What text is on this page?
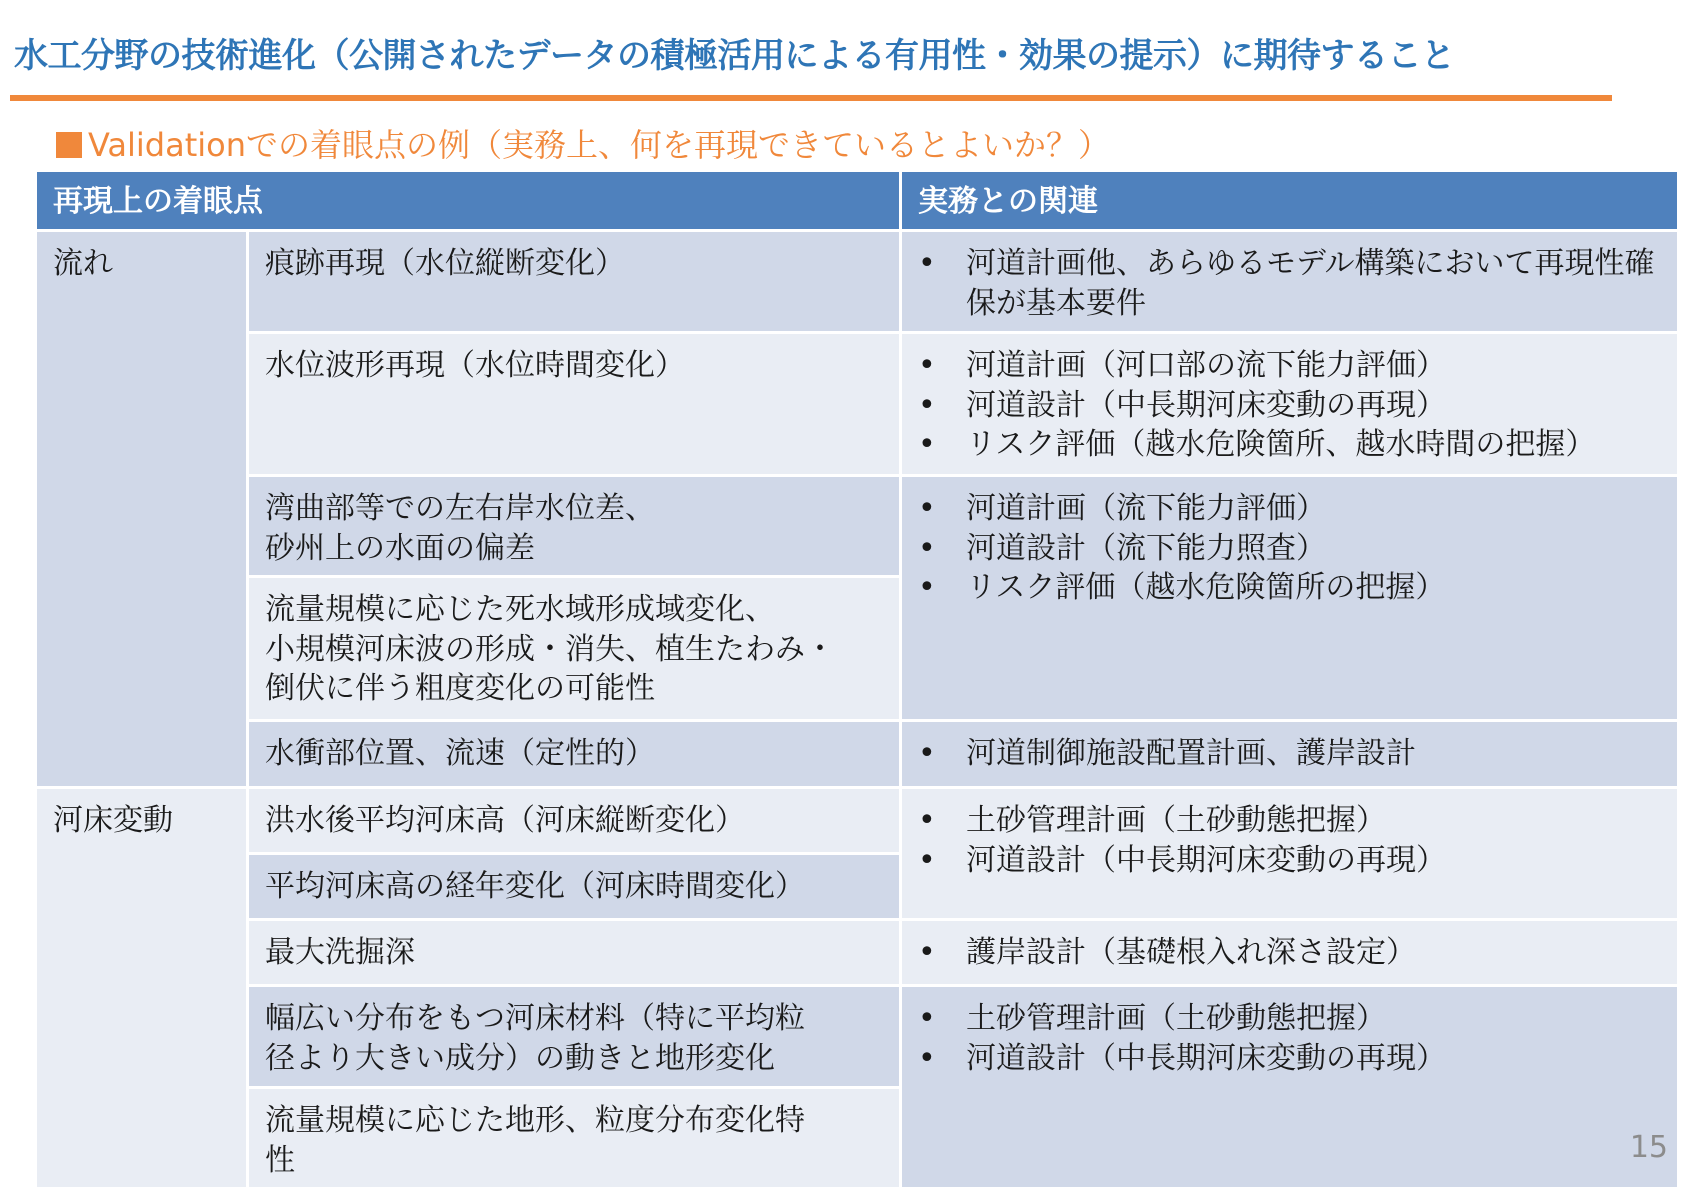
水工分野の技術進化（公開されたデータの積極活用による有用性・効果の提示）に期待すること
Validationでの着眼点の例（実務上、何を再現できているとよいか？）
再現上の着眼点	実務との関連
流れ
河床変動
痕跡再現（水位縦断変化）
水位波形再現（水位時間変化）
湾曲部等での左右岸水位差、
砂州上の水面の偏差
流量規模に応じた死水域形成域変化、
小規模河床波の形成・消失、植生たわみ・
倒伏に伴う粗度変化の可能性
水衝部位置、流速（定性的）
洪水後平均河床高（河床縦断変化）
平均河床高の経年変化（河床時間変化）
最大洗掘深
幅広い分布をもつ河床材料（特に平均粒
径より大きい成分）の動きと地形変化
流量規模に応じた地形、粒度分布変化特
性
• 河道計画他、あらゆるモデル構築において再現性確保が基本要件
• 河道計画（河口部の流下能力評価）
• 河道設計（中長期河床変動の再現）
• リスク評価（越水危険箇所、越水時間の把握）
• 河道計画（流下能力評価）
• 河道設計（流下能力照査）
• リスク評価（越水危険箇所の把握）
• 河道制御施設配置計画、護岸設計
• 土砂管理計画（土砂動態把握）
• 河道設計（中長期河床変動の再現）
• 護岸設計（基礎根入れ深さ設定）
• 土砂管理計画（土砂動態把握）
• 河道設計（中長期河床変動の再現）
15
